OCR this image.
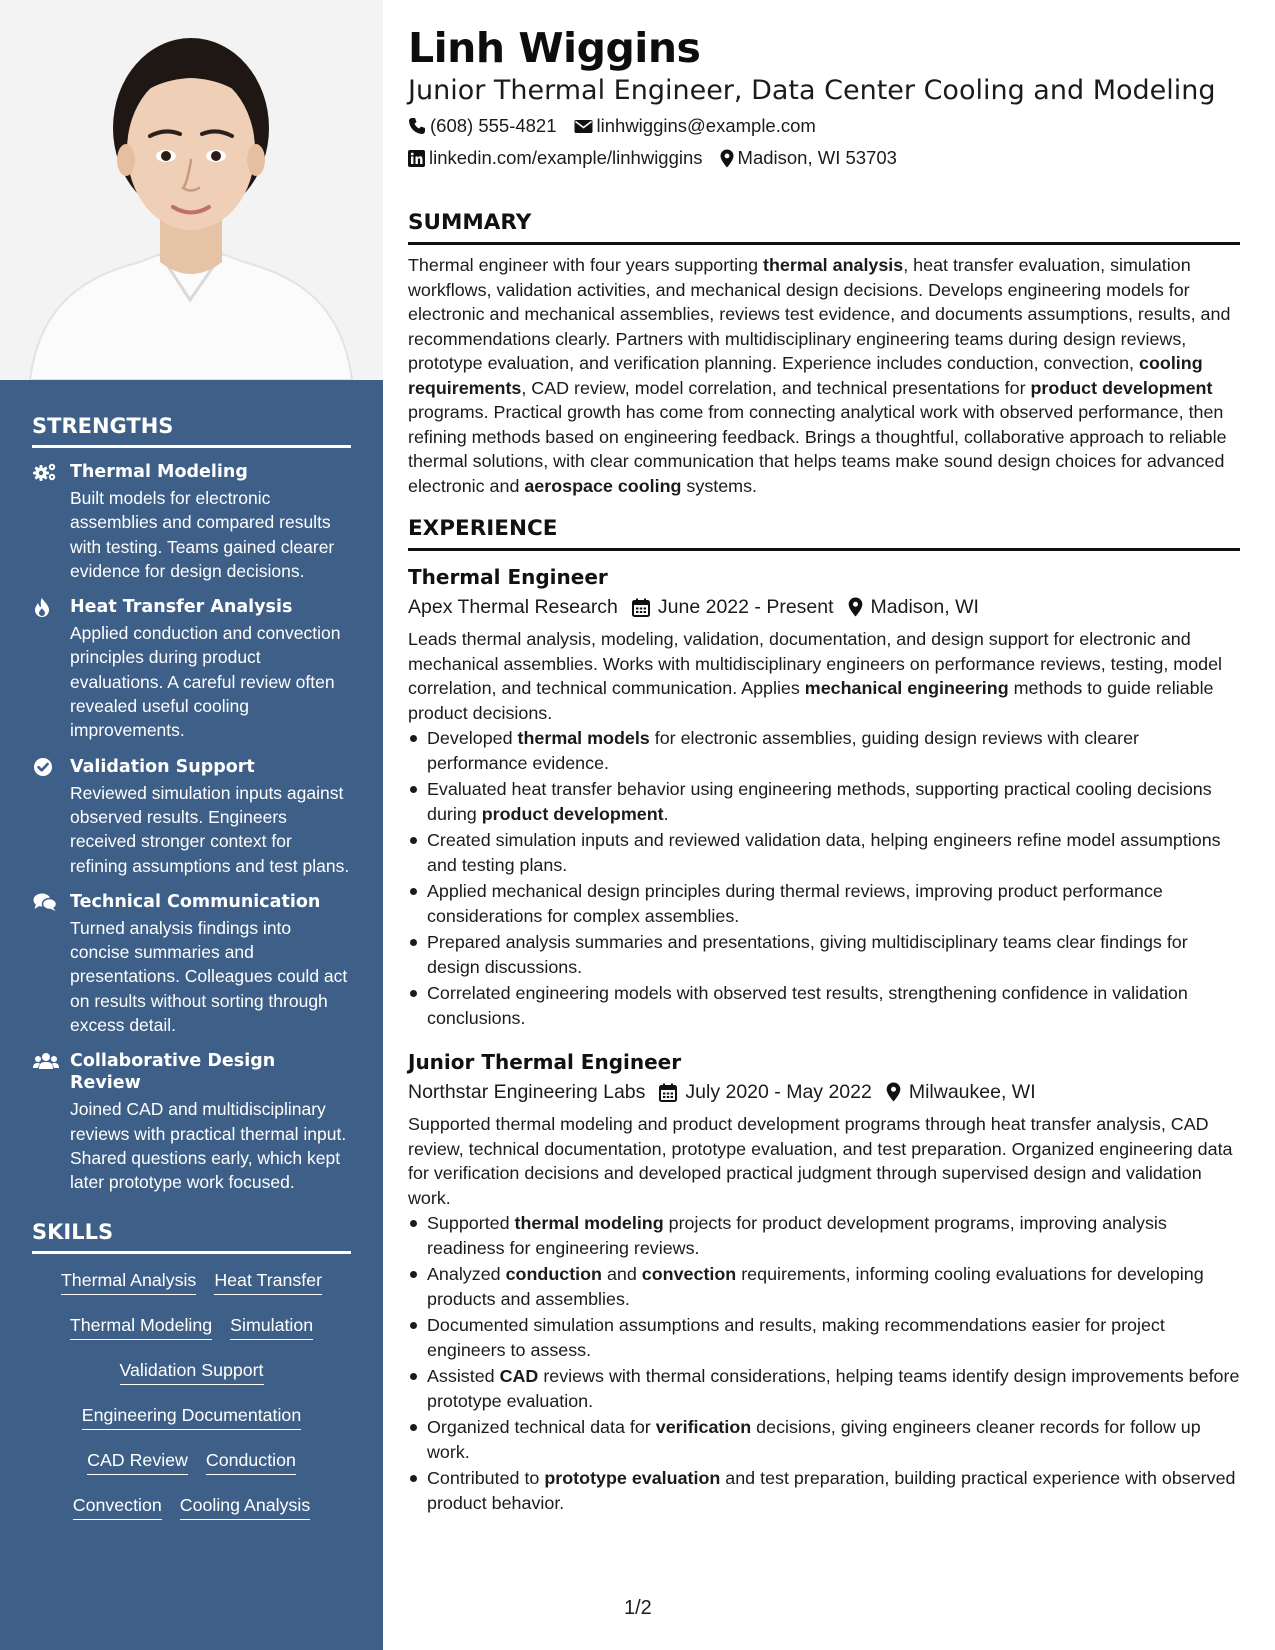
STRENGTHS
Thermal Modeling
Built models for electronic assemblies and compared results with testing. Teams gained clearer evidence for design decisions.
Heat Transfer Analysis
Applied conduction and convection principles during product evaluations. A careful review often revealed useful cooling improvements.
Validation Support
Reviewed simulation inputs against observed results. Engineers received stronger context for refining assumptions and test plans.
Technical Communication
Turned analysis findings into concise summaries and presentations. Colleagues could act on results without sorting through excess detail.
Collaborative Design Review
Joined CAD and multidisciplinary reviews with practical thermal input. Shared questions early, which kept later prototype work focused.
SKILLS
Thermal Analysis Heat Transfer
Thermal Modeling Simulation
Validation Support
Engineering Documentation
CAD Review Conduction
Convection Cooling Analysis
Linh Wiggins
Junior Thermal Engineer, Data Center Cooling and Modeling
(608) 555-4821 linhwiggins@example.com
linkedin.com/example/linhwiggins Madison, WI 53703
SUMMARY

Thermal engineer with four years supporting thermal analysis, heat transfer evaluation, simulation workflows, validation activities, and mechanical design decisions. Develops engineering models for electronic and mechanical assemblies, reviews test evidence, and documents assumptions, results, and recommendations clearly. Partners with multidisciplinary engineering teams during design reviews, prototype evaluation, and verification planning. Experience includes conduction, convection, cooling requirements, CAD review, model correlation, and technical presentations for product development programs. Practical growth has come from connecting analytical work with observed performance, then refining methods based on engineering feedback. Brings a thoughtful, collaborative approach to reliable thermal solutions, with clear communication that helps teams make sound design choices for advanced electronic and aerospace cooling systems.

EXPERIENCE
Thermal Engineer
Apex Thermal Research June 2022 - Present Madison, WI

Leads thermal analysis, modeling, validation, documentation, and design support for electronic and mechanical assemblies. Works with multidisciplinary engineers on performance reviews, testing, model correlation, and technical communication. Applies mechanical engineering methods to guide reliable product decisions.

Developed thermal models for electronic assemblies, guiding design reviews with clearer performance evidence.
Evaluated heat transfer behavior using engineering methods, supporting practical cooling decisions during product development.
Created simulation inputs and reviewed validation data, helping engineers refine model assumptions and testing plans.
Applied mechanical design principles during thermal reviews, improving product performance considerations for complex assemblies.
Prepared analysis summaries and presentations, giving multidisciplinary teams clear findings for design discussions.
Correlated engineering models with observed test results, strengthening confidence in validation conclusions.
Junior Thermal Engineer
Northstar Engineering Labs July 2020 - May 2022 Milwaukee, WI

Supported thermal modeling and product development programs through heat transfer analysis, CAD review, technical documentation, prototype evaluation, and test preparation. Organized engineering data for verification decisions and developed practical judgment through supervised design and validation work.

Supported thermal modeling projects for product development programs, improving analysis readiness for engineering reviews.
Analyzed conduction and convection requirements, informing cooling evaluations for developing products and assemblies.
Documented simulation assumptions and results, making recommendations easier for project engineers to assess.
Assisted CAD reviews with thermal considerations, helping teams identify design improvements before prototype evaluation.
Organized technical data for verification decisions, giving engineers cleaner records for follow up work.
Contributed to prototype evaluation and test preparation, building practical experience with observed product behavior.
1/2
